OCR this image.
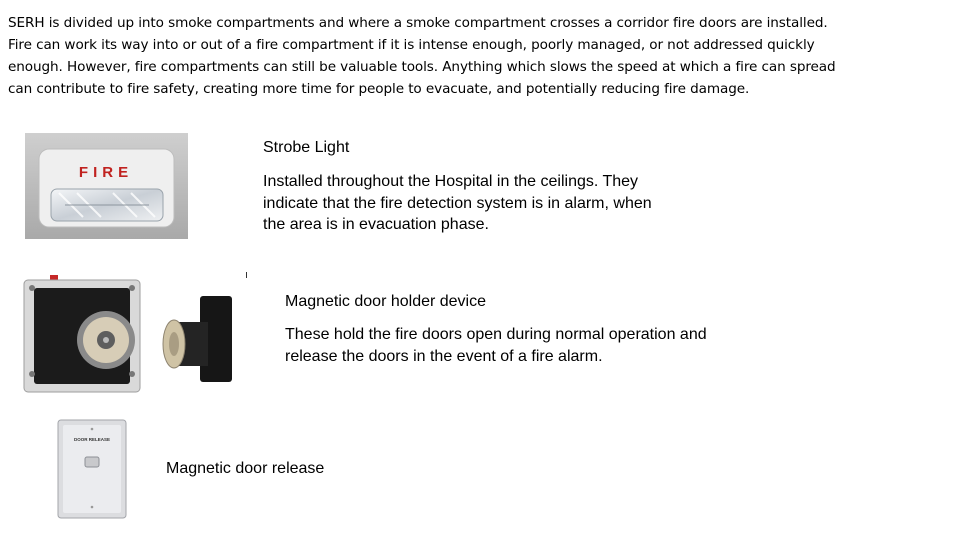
SERH is divided up into smoke compartments and where a smoke compartment crosses a corridor fire doors are installed.

Fire can work its way into or out of a fire compartment if it is intense enough, poorly managed, or not addressed quickly

enough. However, fire compartments can still be valuable tools. Anything which slows the speed at which a fire can spread

can contribute to fire safety, creating more time for people to evacuate, and potentially reducing fire damage.

FIRE
Strobe Light
Installed throughout the Hospital in the ceilings. They
indicate that the fire detection system is in alarm, when
the area is in evacuation phase.
Magnetic door holder device
These hold the fire doors open during normal operation and
release the doors in the event of a fire alarm.
DOOR RELEASE
Magnetic door release
